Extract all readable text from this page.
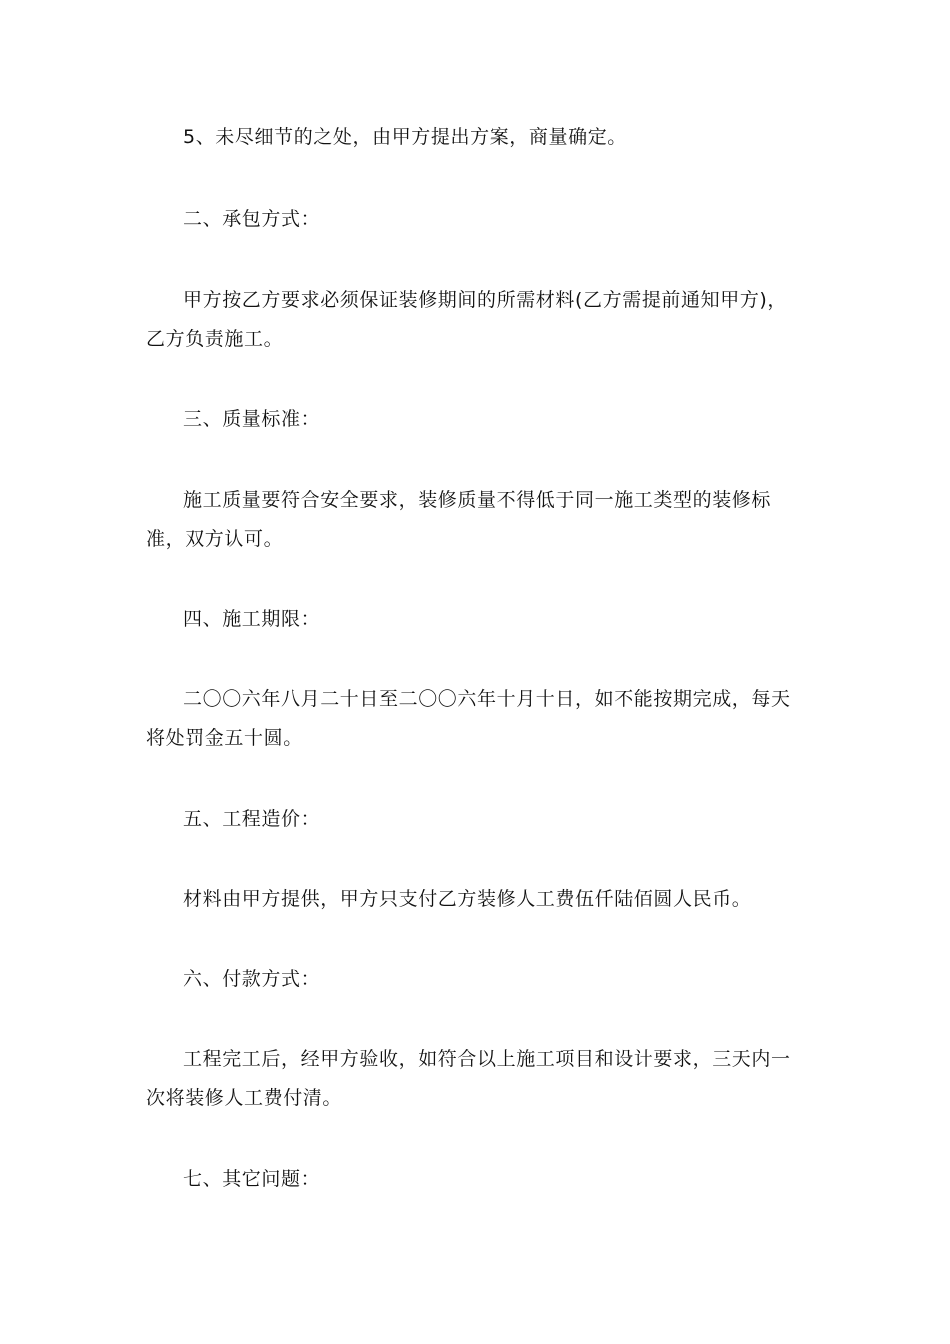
5、未尽细节的之处，由甲方提出方案，商量确定。

二、承包方式：

甲方按乙方要求必须保证装修期间的所需材料(乙方需提前通知甲方)，乙方负责施工。

三、质量标准：

施工质量要符合安全要求，装修质量不得低于同一施工类型的装修标准，双方认可。

四、施工期限：

二〇〇六年八月二十日至二〇〇六年十月十日，如不能按期完成，每天将处罚金五十圆。

五、工程造价：

材料由甲方提供，甲方只支付乙方装修人工费伍仟陆佰圆人民币。

六、付款方式：

工程完工后，经甲方验收，如符合以上施工项目和设计要求，三天内一次将装修人工费付清。

七、其它问题：
